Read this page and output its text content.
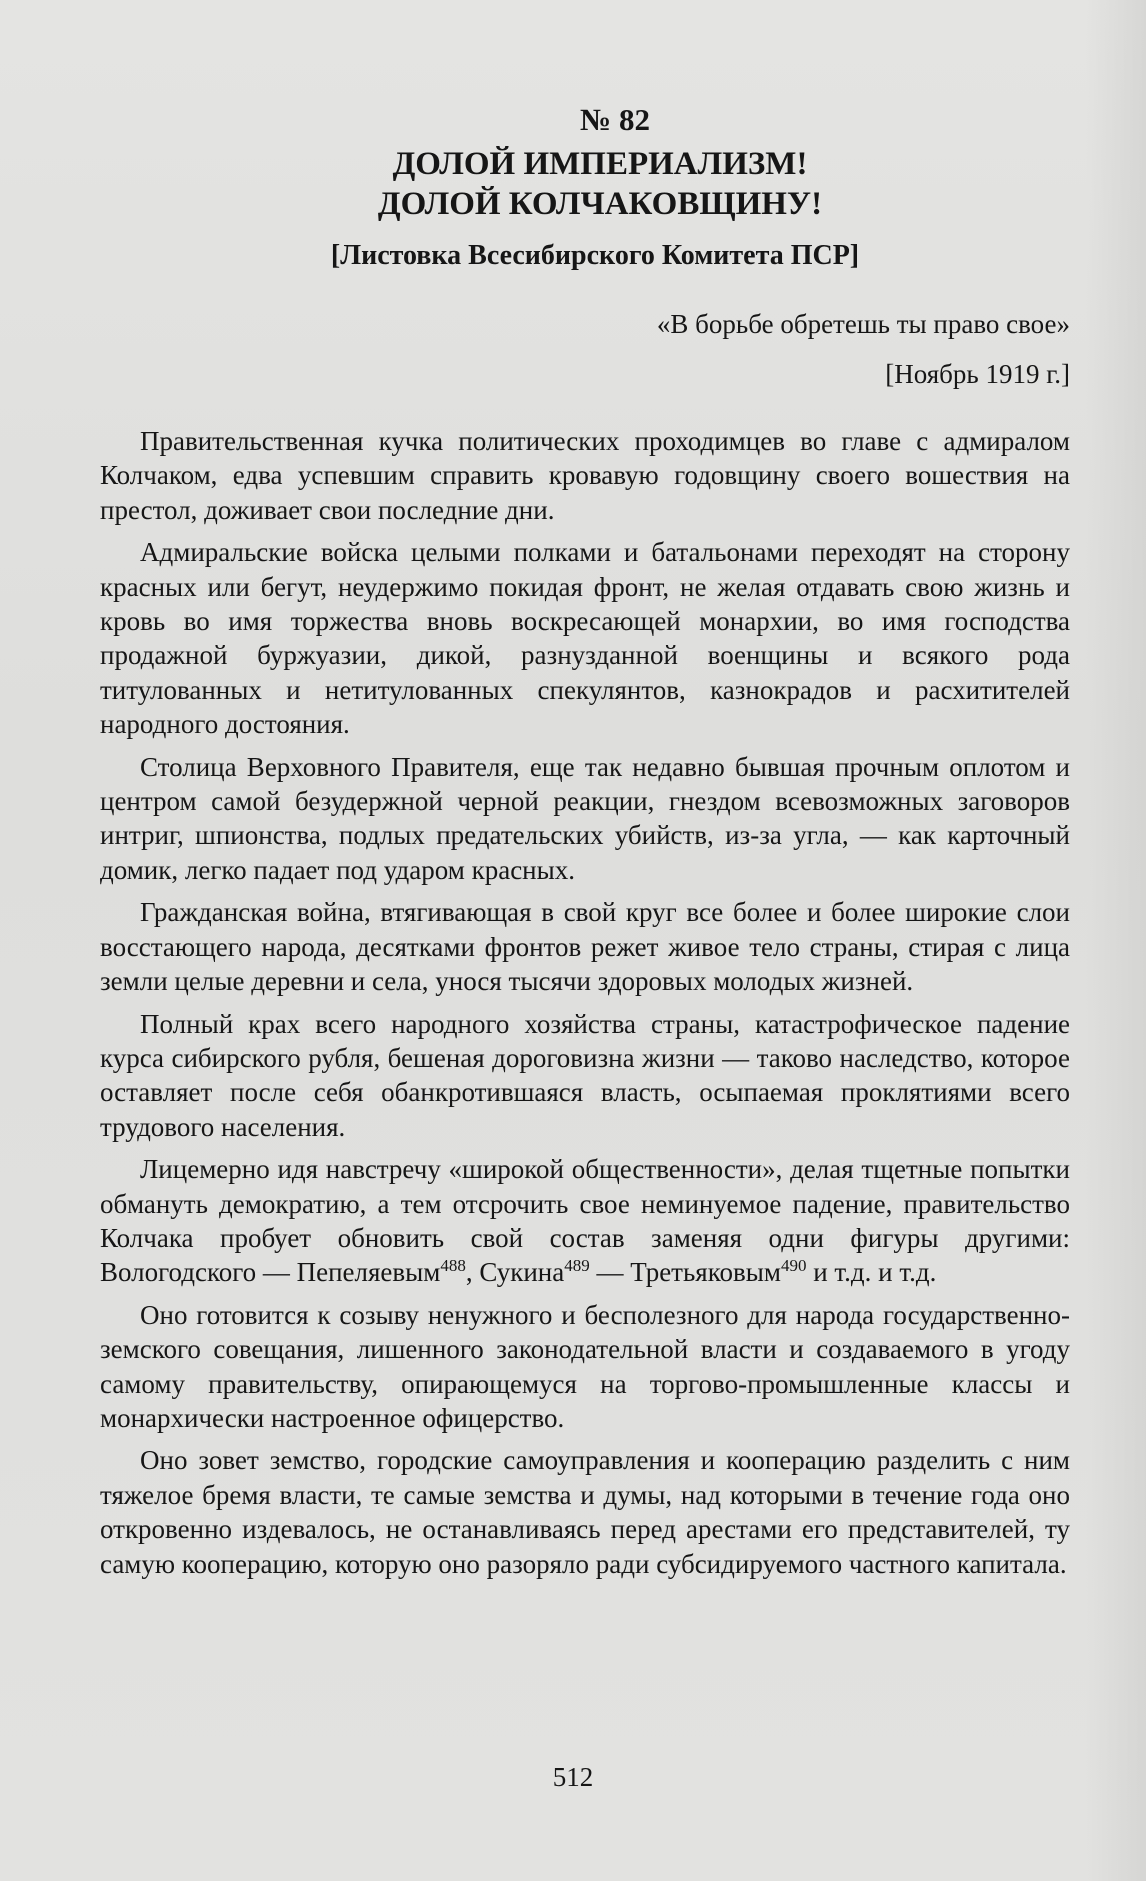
№ 82
ДОЛОЙ ИМПЕРИАЛИЗМ!
ДОЛОЙ КОЛЧАКОВЩИНУ!
[Листовка Всесибирского Комитета ПСР]
«В борьбе обретешь ты право свое»
[Ноябрь 1919 г.]

Правительственная кучка политических проходимцев во главе с адмиралом Колчаком, едва успевшим справить кровавую годовщину своего вошествия на престол, доживает свои последние дни.

Адмиральские войска целыми полками и батальонами переходят на сторону красных или бегут, неудержимо покидая фронт, не желая отдавать свою жизнь и кровь во имя торжества вновь воскресающей монархии, во имя господства продажной буржуазии, дикой, разнузданной военщины и всякого рода титулованных и нетитулованных спекулянтов, казнокрадов и расхитителей народного достояния.

Столица Верховного Правителя, еще так недавно бывшая прочным оплотом и центром самой безудержной черной реакции, гнездом всевозможных заговоров интриг, шпионства, подлых предательских убийств, из-за угла, — как карточный домик, легко падает под ударом красных.

Гражданская война, втягивающая в свой круг все более и более широкие слои восстающего народа, десятками фронтов режет живое тело страны, стирая с лица земли целые деревни и села, унося тысячи здоровых молодых жизней.

Полный крах всего народного хозяйства страны, катастрофическое падение курса сибирского рубля, бешеная дороговизна жизни — таково наследство, которое оставляет после себя обанкротившаяся власть, осыпаемая проклятиями всего трудового населения.

Лицемерно идя навстречу «широкой общественности», делая тщетные попытки обмануть демократию, а тем отсрочить свое неминуемое падение, правительство Колчака пробует обновить свой состав заменяя одни фигуры другими: Вологодского — Пепеляевым$^{488}$, Сукина$^{489}$ — Третьяковым$^{490}$ и т.д. и т.д.

Оно готовится к созыву ненужного и бесполезного для народа государственно-земского совещания, лишенного законодательной власти и создаваемого в угоду самому правительству, опирающемуся на торгово-промышленные классы и монархически настроенное офицерство.

Оно зовет земство, городские самоуправления и кооперацию разделить с ним тяжелое бремя власти, те самые земства и думы, над которыми в течение года оно откровенно издевалось, не останавливаясь перед арестами его представителей, ту самую кооперацию, которую оно разоряло ради субсидируемого частного капитала.

512
